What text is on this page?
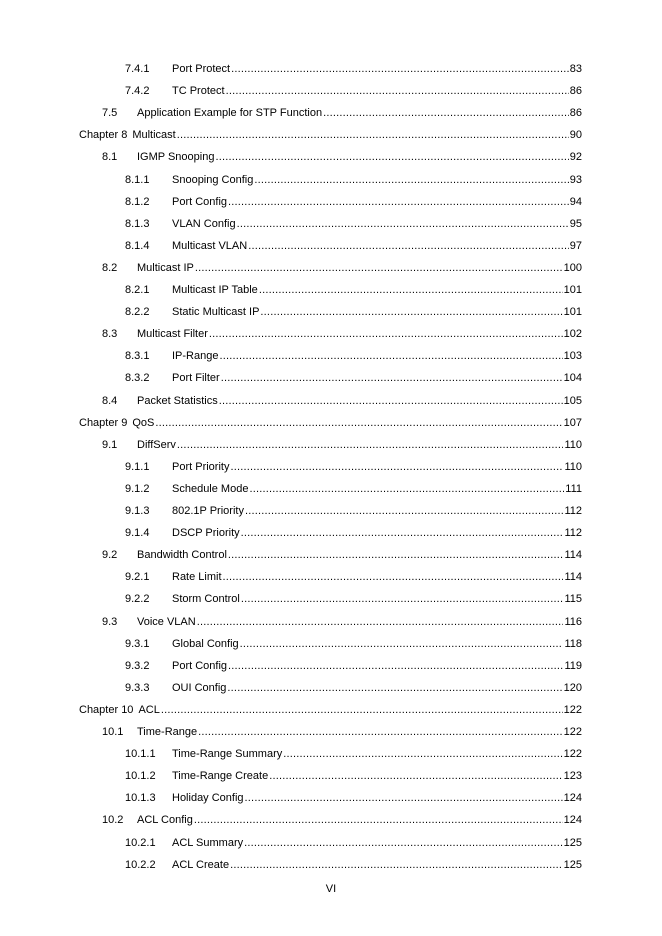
7.4.1	Port Protect .....	83
7.4.2	TC Protect .....	86
7.5	Application Example for STP Function .....	86
Chapter 8 Multicast .....	90
8.1	IGMP Snooping .....	92
8.1.1	Snooping Config .....	93
8.1.2	Port Config .....	94
8.1.3	VLAN Config .....	95
8.1.4	Multicast VLAN .....	97
8.2	Multicast IP .....	100
8.2.1	Multicast IP Table .....	101
8.2.2	Static Multicast IP .....	101
8.3	Multicast Filter .....	102
8.3.1	IP-Range .....	103
8.3.2	Port Filter .....	104
8.4	Packet Statistics .....	105
Chapter 9 QoS .....	107
9.1	DiffServ .....	110
9.1.1	Port Priority .....	110
9.1.2	Schedule Mode .....	111
9.1.3	802.1P Priority .....	112
9.1.4	DSCP Priority .....	112
9.2	Bandwidth Control .....	114
9.2.1	Rate Limit .....	114
9.2.2	Storm Control .....	115
9.3	Voice VLAN .....	116
9.3.1	Global Config .....	118
9.3.2	Port Config .....	119
9.3.3	OUI Config .....	120
Chapter 10 ACL .....	122
10.1	Time-Range .....	122
10.1.1	Time-Range Summary .....	122
10.1.2	Time-Range Create .....	123
10.1.3	Holiday Config .....	124
10.2	ACL Config .....	124
10.2.1	ACL Summary .....	125
10.2.2	ACL Create .....	125
VI
